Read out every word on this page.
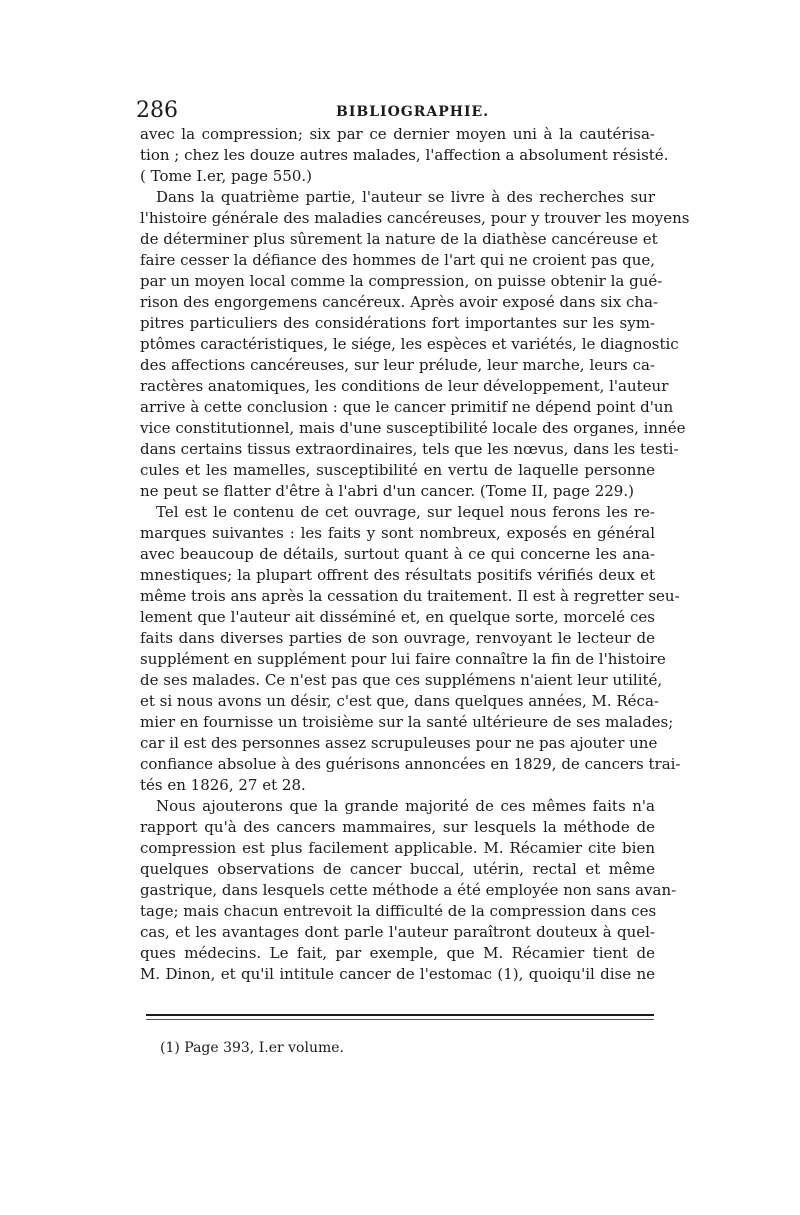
286	BIBLIOGRAPHIE.
avec la compression; six par ce dernier moyen uni à la cautérisa-
tion ; chez les douze autres malades, l'affection a absolument résisté.
( Tome I.er, page 550.)
Dans la quatrième partie, l'auteur se livre à des recherches sur
l'histoire générale des maladies cancéreuses, pour y trouver les moyens
de déterminer plus sûrement la nature de la diathèse cancéreuse et
faire cesser la défiance des hommes de l'art qui ne croient pas que,
par un moyen local comme la compression, on puisse obtenir la gué-
rison des engorgemens cancéreux. Après avoir exposé dans six cha-
pitres particuliers des considérations fort importantes sur les sym-
ptômes caractéristiques, le siége, les espèces et variétés, le diagnostic
des affections cancéreuses, sur leur prélude, leur marche, leurs ca-
ractères anatomiques, les conditions de leur développement, l'auteur
arrive à cette conclusion : que le cancer primitif ne dépend point d'un
vice constitutionnel, mais d'une susceptibilité locale des organes, innée
dans certains tissus extraordinaires, tels que les nœvus, dans les testi-
cules et les mamelles, susceptibilité en vertu de laquelle personne
ne peut se flatter d'être à l'abri d'un cancer. (Tome II, page 229.)
Tel est le contenu de cet ouvrage, sur lequel nous ferons les re-
marques suivantes : les faits y sont nombreux, exposés en général
avec beaucoup de détails, surtout quant à ce qui concerne les ana-
mnestiques; la plupart offrent des résultats positifs vérifiés deux et
même trois ans après la cessation du traitement. Il est à regretter seu-
lement que l'auteur ait disséminé et, en quelque sorte, morcelé ces
faits dans diverses parties de son ouvrage, renvoyant le lecteur de
supplément en supplément pour lui faire connaître la fin de l'histoire
de ses malades. Ce n'est pas que ces supplémens n'aient leur utilité,
et si nous avons un désir, c'est que, dans quelques années, M. Réca-
mier en fournisse un troisième sur la santé ultérieure de ses malades;
car il est des personnes assez scrupuleuses pour ne pas ajouter une
confiance absolue à des guérisons annoncées en 1829, de cancers trai-
tés en 1826, 27 et 28.
Nous ajouterons que la grande majorité de ces mêmes faits n'a
rapport qu'à des cancers mammaires, sur lesquels la méthode de
compression est plus facilement applicable. M. Récamier cite bien
quelques observations de cancer buccal, utérin, rectal et même
gastrique, dans lesquels cette méthode a été employée non sans avan-
tage; mais chacun entrevoit la difficulté de la compression dans ces
cas, et les avantages dont parle l'auteur paraîtront douteux à quel-
ques médecins. Le fait, par exemple, que M. Récamier tient de
M. Dinon, et qu'il intitule cancer de l'estomac (1), quoiqu'il dise ne
(1) Page 393, I.er volume.
